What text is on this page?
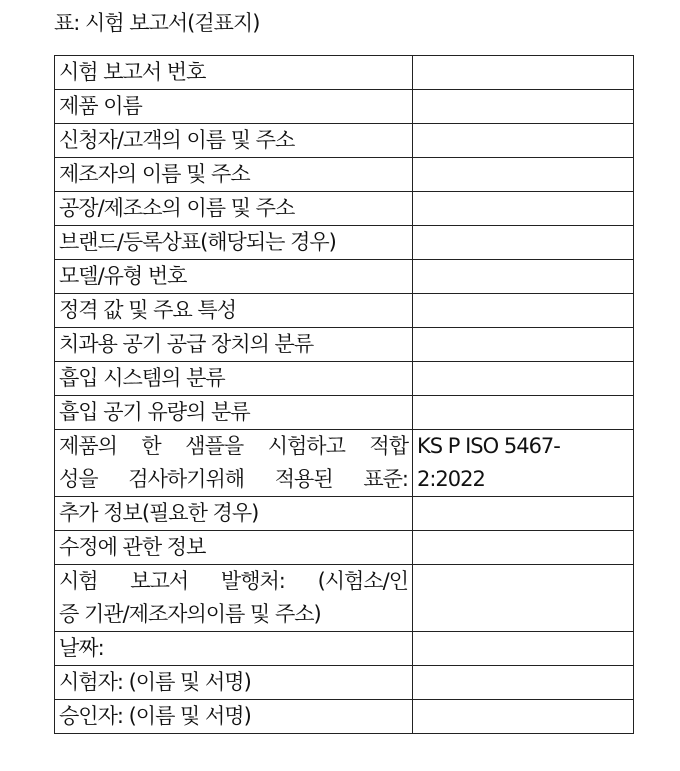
표: 시험 보고서(겉표지)
시험 보고서 번호	

제품 이름	

신청자/고객의 이름 및 주소	

제조자의 이름 및 주소	

공장/제조소의 이름 및 주소	

브랜드/등록상표(해당되는 경우)	

모델/유형 번호	

정격 값 및 주요 특성	

치과용 공기 공급 장치의 분류	

흡입 시스템의 분류	

흡입 공기 유량의 분류	

제품의 한 샘플을 시험하고 적합
성을 검사하기위해 적용된 표준:	KS P ISO 5467-
2:2022

추가 정보(필요한 경우)	

수정에 관한 정보	

시험 보고서 발행처: (시험소/인
증 기관/제조자의이름 및 주소)	

날짜:	

시험자: (이름 및 서명)	

승인자: (이름 및 서명)	
